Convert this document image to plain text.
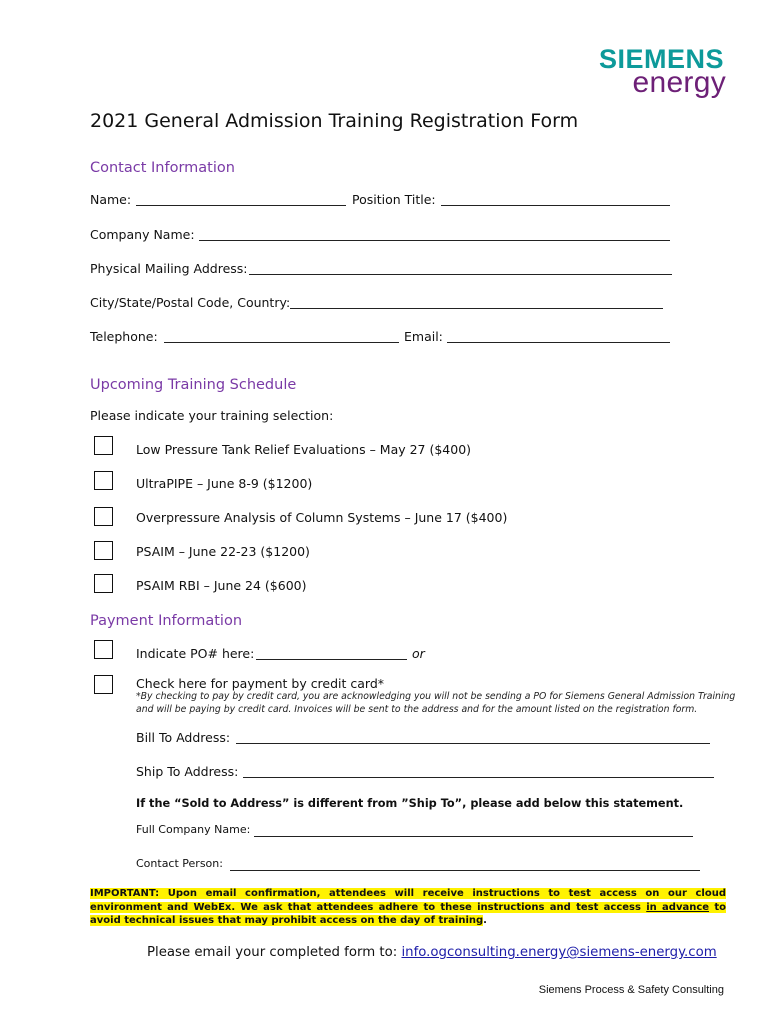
SIEMENS
energy
2021 General Admission Training Registration Form
Contact Information
Name:	Position Title:
Company Name:
Physical Mailing Address:
City/State/Postal Code, Country:
Telephone:	Email:
Upcoming Training Schedule
Please indicate your training selection:
Low Pressure Tank Relief Evaluations – May 27 ($400)
UltraPIPE – June 8-9 ($1200)
Overpressure Analysis of Column Systems – June 17 ($400)
PSAIM – June 22-23 ($1200)
PSAIM RBI – June 24 ($600)
Payment Information
Indicate PO# here:	or
Check here for payment by credit card*
*By checking to pay by credit card, you are acknowledging you will not be sending a PO for Siemens General Admission Training
and will be paying by credit card. Invoices will be sent to the address and for the amount listed on the registration form.
Bill To Address:
Ship To Address:
If the “Sold to Address” is different from ”Ship To”, please add below this statement.
Full Company Name:
Contact Person:
IMPORTANT: Upon email confirmation, attendees will receive instructions to test access on our cloud environment and WebEx. We ask that attendees adhere to these instructions and test access in advance to avoid technical issues that may prohibit access on the day of training.
Please email your completed form to: info.ogconsulting.energy@siemens-energy.com
Siemens Process & Safety Consulting
